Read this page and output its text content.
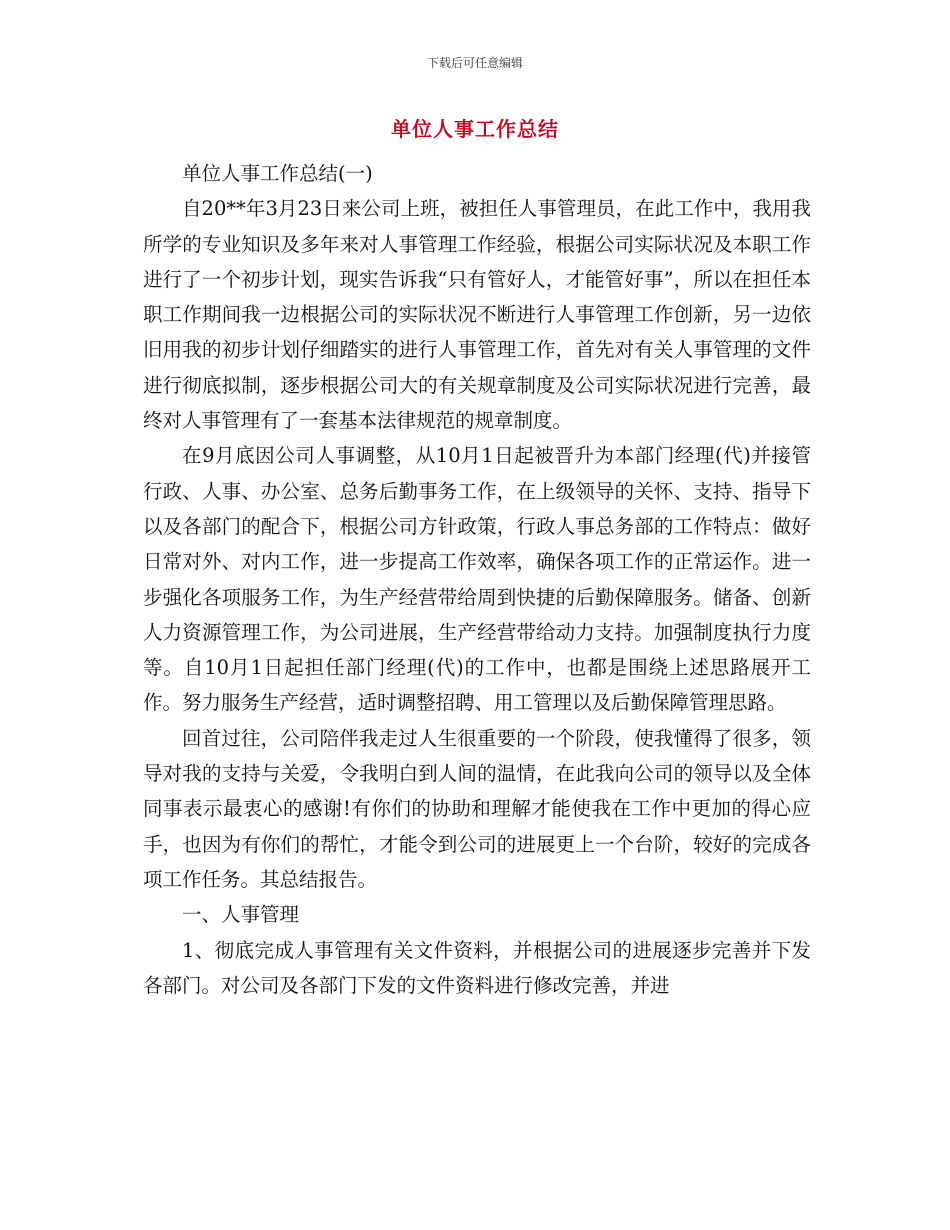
下载后可任意编辑
单位人事工作总结

单位人事工作总结(一)

自20**年3月23日来公司上班，被担任人事管理员，在此工作中，我用我所学的专业知识及多年来对人事管理工作经验，根据公司实际状况及本职工作进行了一个初步计划，现实告诉我“只有管好人，才能管好事”，所以在担任本职工作期间我一边根据公司的实际状况不断进行人事管理工作创新，另一边依旧用我的初步计划仔细踏实的进行人事管理工作，首先对有关人事管理的文件进行彻底拟制，逐步根据公司大的有关规章制度及公司实际状况进行完善，最终对人事管理有了一套基本法律规范的规章制度。

在9月底因公司人事调整，从10月1日起被晋升为本部门经理(代)并接管行政、人事、办公室、总务后勤事务工作，在上级领导的关怀、支持、指导下以及各部门的配合下，根据公司方针政策，行政人事总务部的工作特点：做好日常对外、对内工作，进一步提高工作效率，确保各项工作的正常运作。进一步强化各项服务工作，为生产经营带给周到快捷的后勤保障服务。储备、创新人力资源管理工作，为公司进展，生产经营带给动力支持。加强制度执行力度等。自10月1日起担任部门经理(代)的工作中，也都是围绕上述思路展开工作。努力服务生产经营，适时调整招聘、用工管理以及后勤保障管理思路。

回首过往，公司陪伴我走过人生很重要的一个阶段，使我懂得了很多，领导对我的支持与关爱，令我明白到人间的温情，在此我向公司的领导以及全体同事表示最衷心的感谢!有你们的协助和理解才能使我在工作中更加的得心应手，也因为有你们的帮忙，才能令到公司的进展更上一个台阶，较好的完成各项工作任务。其总结报告。

一、人事管理

1、彻底完成人事管理有关文件资料，并根据公司的进展逐步完善并下发各部门。对公司及各部门下发的文件资料进行修改完善，并进
